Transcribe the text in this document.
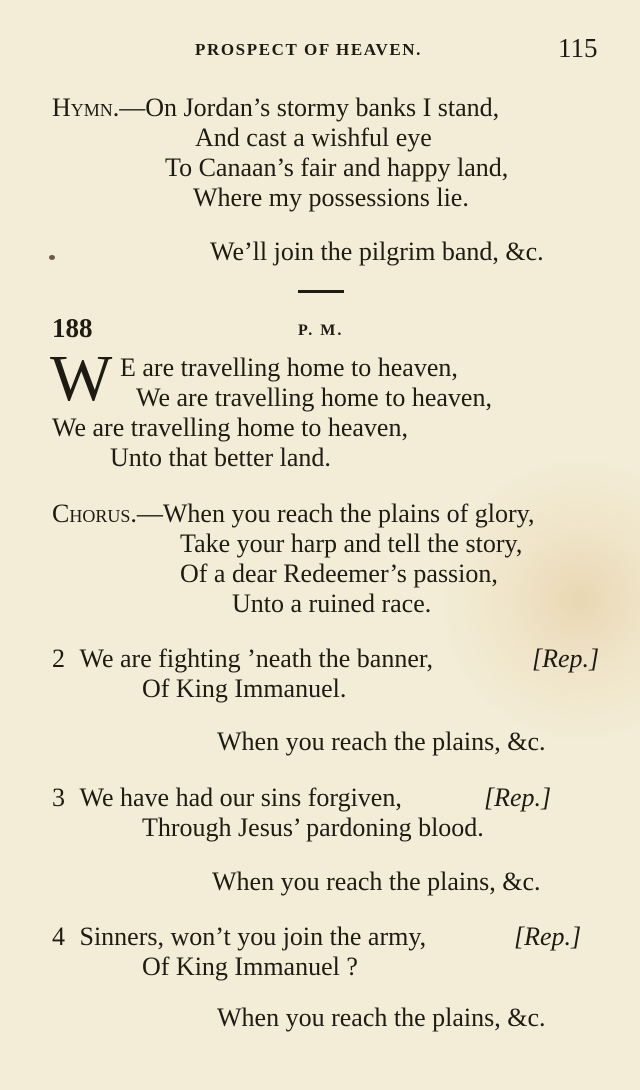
PROSPECT OF HEAVEN.	115
Hymn.—On Jordan’s stormy banks I stand,
And cast a wishful eye
To Canaan’s fair and happy land,
Where my possessions lie.
We’ll join the pilgrim band, &c.
188	P. M.
W E are travelling home to heaven,
We are travelling home to heaven,
We are travelling home to heaven,
Unto that better land.
Chorus.—When you reach the plains of glory,
Take your harp and tell the story,
Of a dear Redeemer’s passion,
Unto a ruined race.
2 We are fighting ’neath the banner,	[Rep.]
Of King Immanuel.
When you reach the plains, &c.
3 We have had our sins forgiven,	[Rep.]
Through Jesus’ pardoning blood.
When you reach the plains, &c.
4 Sinners, won’t you join the army,	[Rep.]
Of King Immanuel ?
When you reach the plains, &c.
